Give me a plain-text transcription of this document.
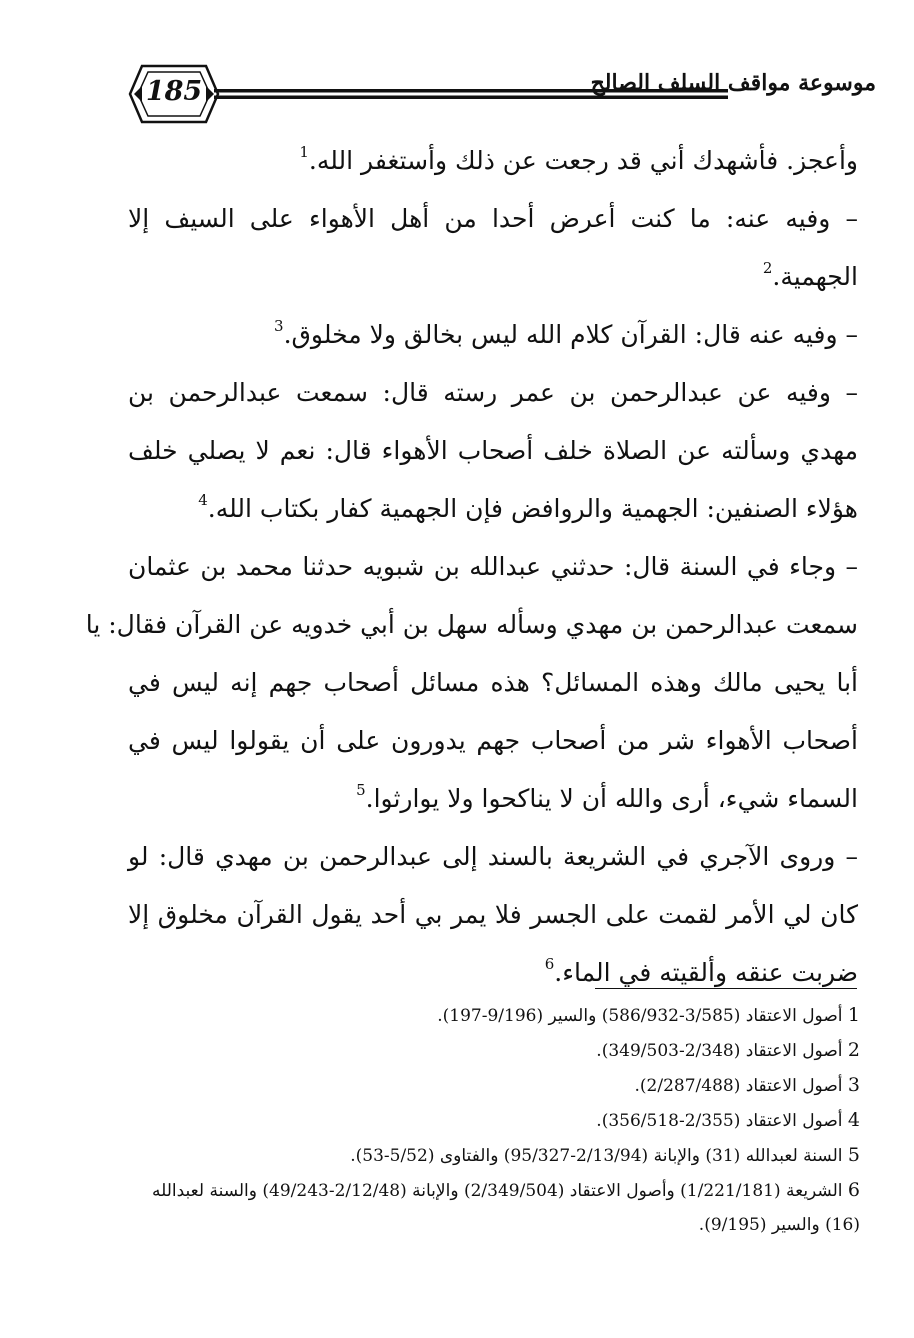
185	موسوعة مواقف السلف الصالح
وأعجز. فأشهدك أني قد رجعت عن ذلك وأستغفر الله.$^1$
– وفيه عنه: ما كنت أعرض أحدا من أهل الأهواء على السيف إلا
الجهمية.$^2$
– وفيه عنه قال: القرآن كلام الله ليس بخالق ولا مخلوق.$^3$
– وفيه عن عبدالرحمن بن عمر رسته قال: سمعت عبدالرحمن بن
مهدي وسألته عن الصلاة خلف أصحاب الأهواء قال: نعم لا يصلي خلف
هؤلاء الصنفين: الجهمية والروافض فإن الجهمية كفار بكتاب الله.$^4$
– وجاء في السنة قال: حدثني عبدالله بن شبويه حدثنا محمد بن عثمان
سمعت عبدالرحمن بن مهدي وسأله سهل بن أبي خدويه عن القرآن فقال: يا
أبا يحيى مالك وهذه المسائل؟ هذه مسائل أصحاب جهم إنه ليس في
أصحاب الأهواء شر من أصحاب جهم يدورون على أن يقولوا ليس في
السماء شيء، أرى والله أن لا يناكحوا ولا يوارثوا.$^5$
– وروى الآجري في الشريعة بالسند إلى عبدالرحمن بن مهدي قال: لو
كان لي الأمر لقمت على الجسر فلا يمر بي أحد يقول القرآن مخلوق إلا
ضربت عنقه وألقيته في الماء.$^6$
1 أصول الاعتقاد (3/585-586/932) والسير (9/196-197).
2 أصول الاعتقاد (2/348-349/503).
3 أصول الاعتقاد (2/287/488).
4 أصول الاعتقاد (2/355-356/518).
5 السنة لعبدالله (31) والإبانة (2/13/94-95/327) والفتاوى (5/52-53).
6 الشريعة (1/221/181) وأصول الاعتقاد (2/349/504) والإبانة (2/12/48-49/243) والسنة لعبدالله (16) والسير (9/195).
